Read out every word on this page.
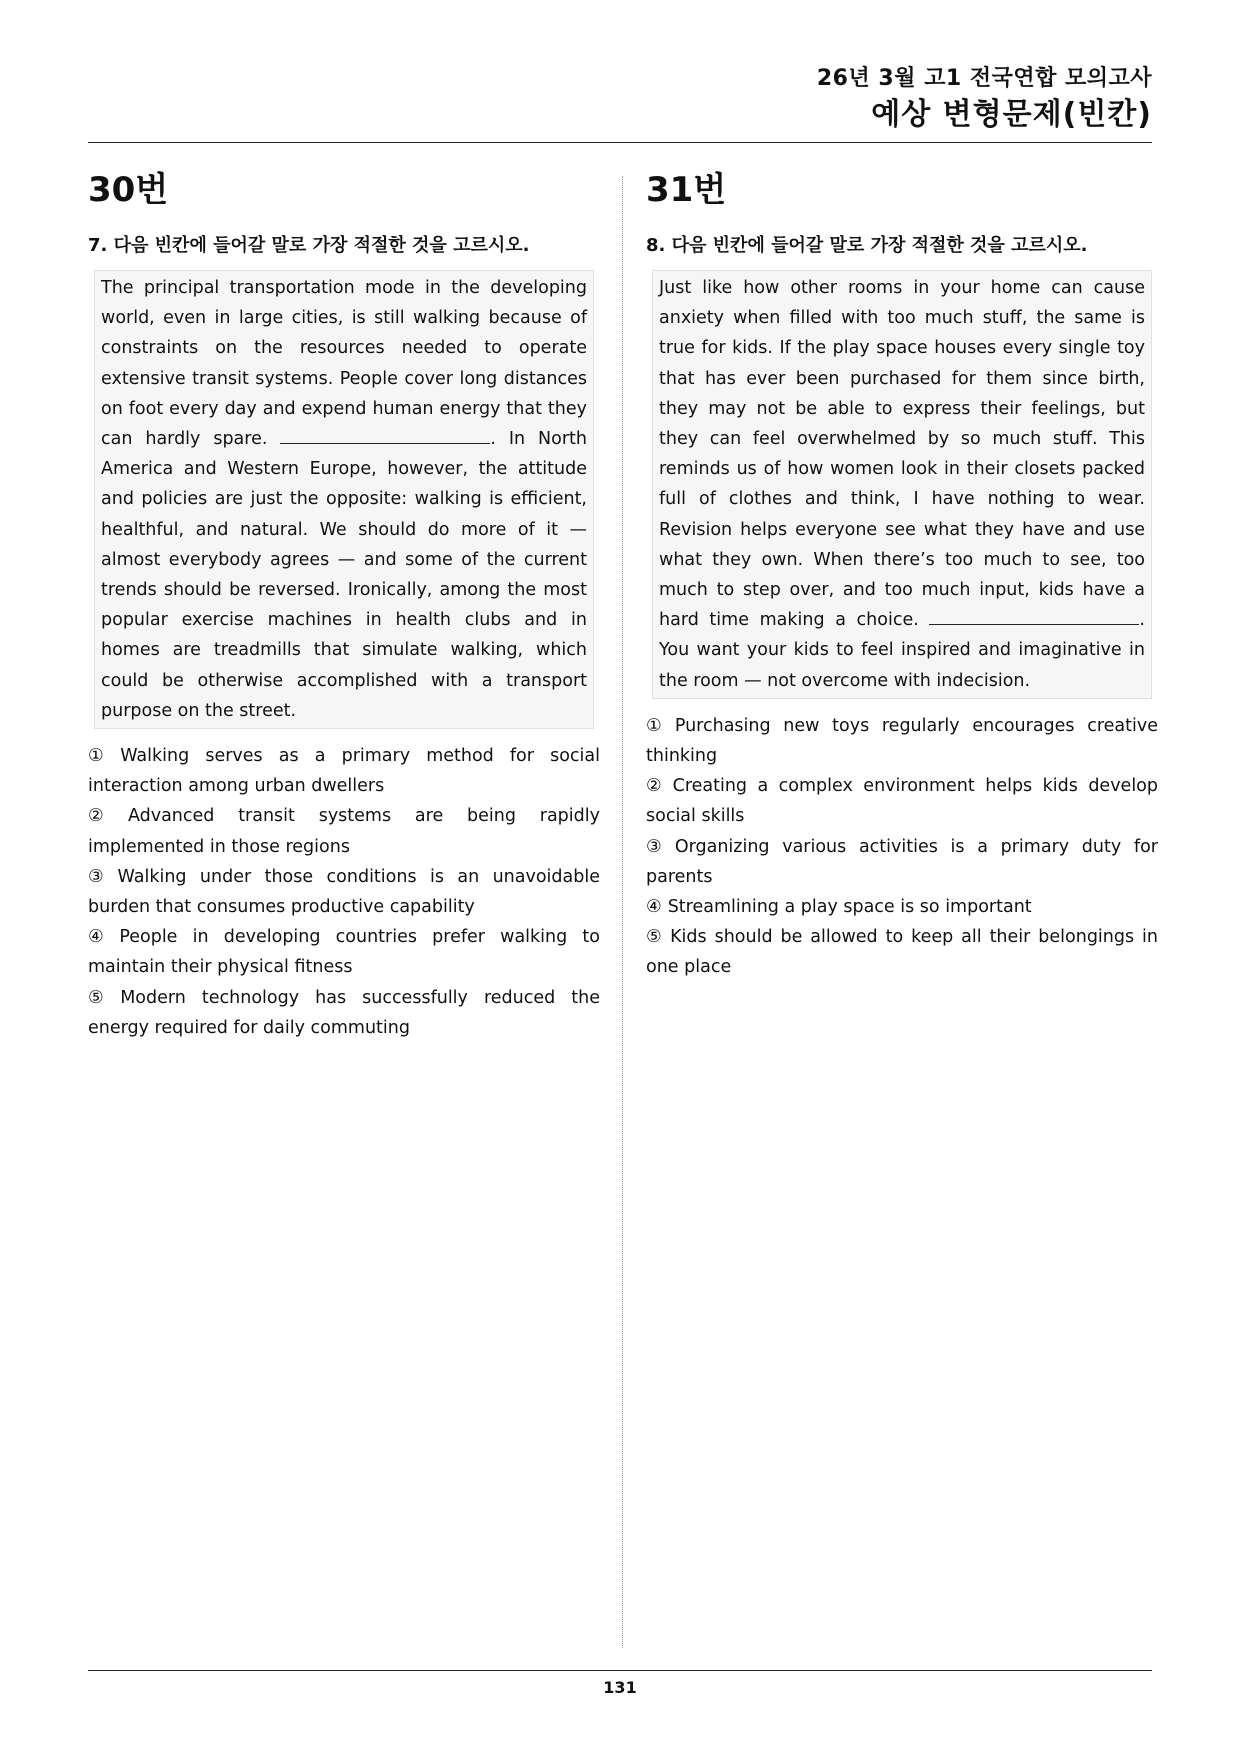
26년 3월 고1 전국연합 모의고사
예상 변형문제(빈칸)
30번
7. 다음 빈칸에 들어갈 말로 가장 적절한 것을 고르시오.
The principal transportation mode in the developing world, even in large cities, is still walking because of constraints on the resources needed to operate extensive transit systems. People cover long distances on foot every day and expend human energy that they can hardly spare.	. In North America and Western Europe, however, the attitude and policies are just the opposite: walking is efficient, healthful, and natural. We should do more of it — almost everybody agrees — and some of the current trends should be reversed. Ironically, among the most popular exercise machines in health clubs and in homes are treadmills that simulate walking, which could be otherwise accomplished with a transport purpose on the street.

① Walking serves as a primary method for social interaction among urban dwellers

② Advanced transit systems are being rapidly implemented in those regions

③ Walking under those conditions is an unavoidable burden that consumes productive capability

④ People in developing countries prefer walking to maintain their physical fitness

⑤ Modern technology has successfully reduced the energy required for daily commuting

31번
8. 다음 빈칸에 들어갈 말로 가장 적절한 것을 고르시오.
Just like how other rooms in your home can cause anxiety when filled with too much stuff, the same is true for kids. If the play space houses every single toy that has ever been purchased for them since birth, they may not be able to express their feelings, but they can feel overwhelmed by so much stuff. This reminds us of how women look in their closets packed full of clothes and think, I have nothing to wear. Revision helps everyone see what they have and use what they own. When there’s too much to see, too much to step over, and too much input, kids have a hard time making a choice.	. You want your kids to feel inspired and imaginative in the room — not overcome with indecision.

① Purchasing new toys regularly encourages creative thinking

② Creating a complex environment helps kids develop social skills

③ Organizing various activities is a primary duty for parents

④ Streamlining a play space is so important

⑤ Kids should be allowed to keep all their belongings in one place

131
